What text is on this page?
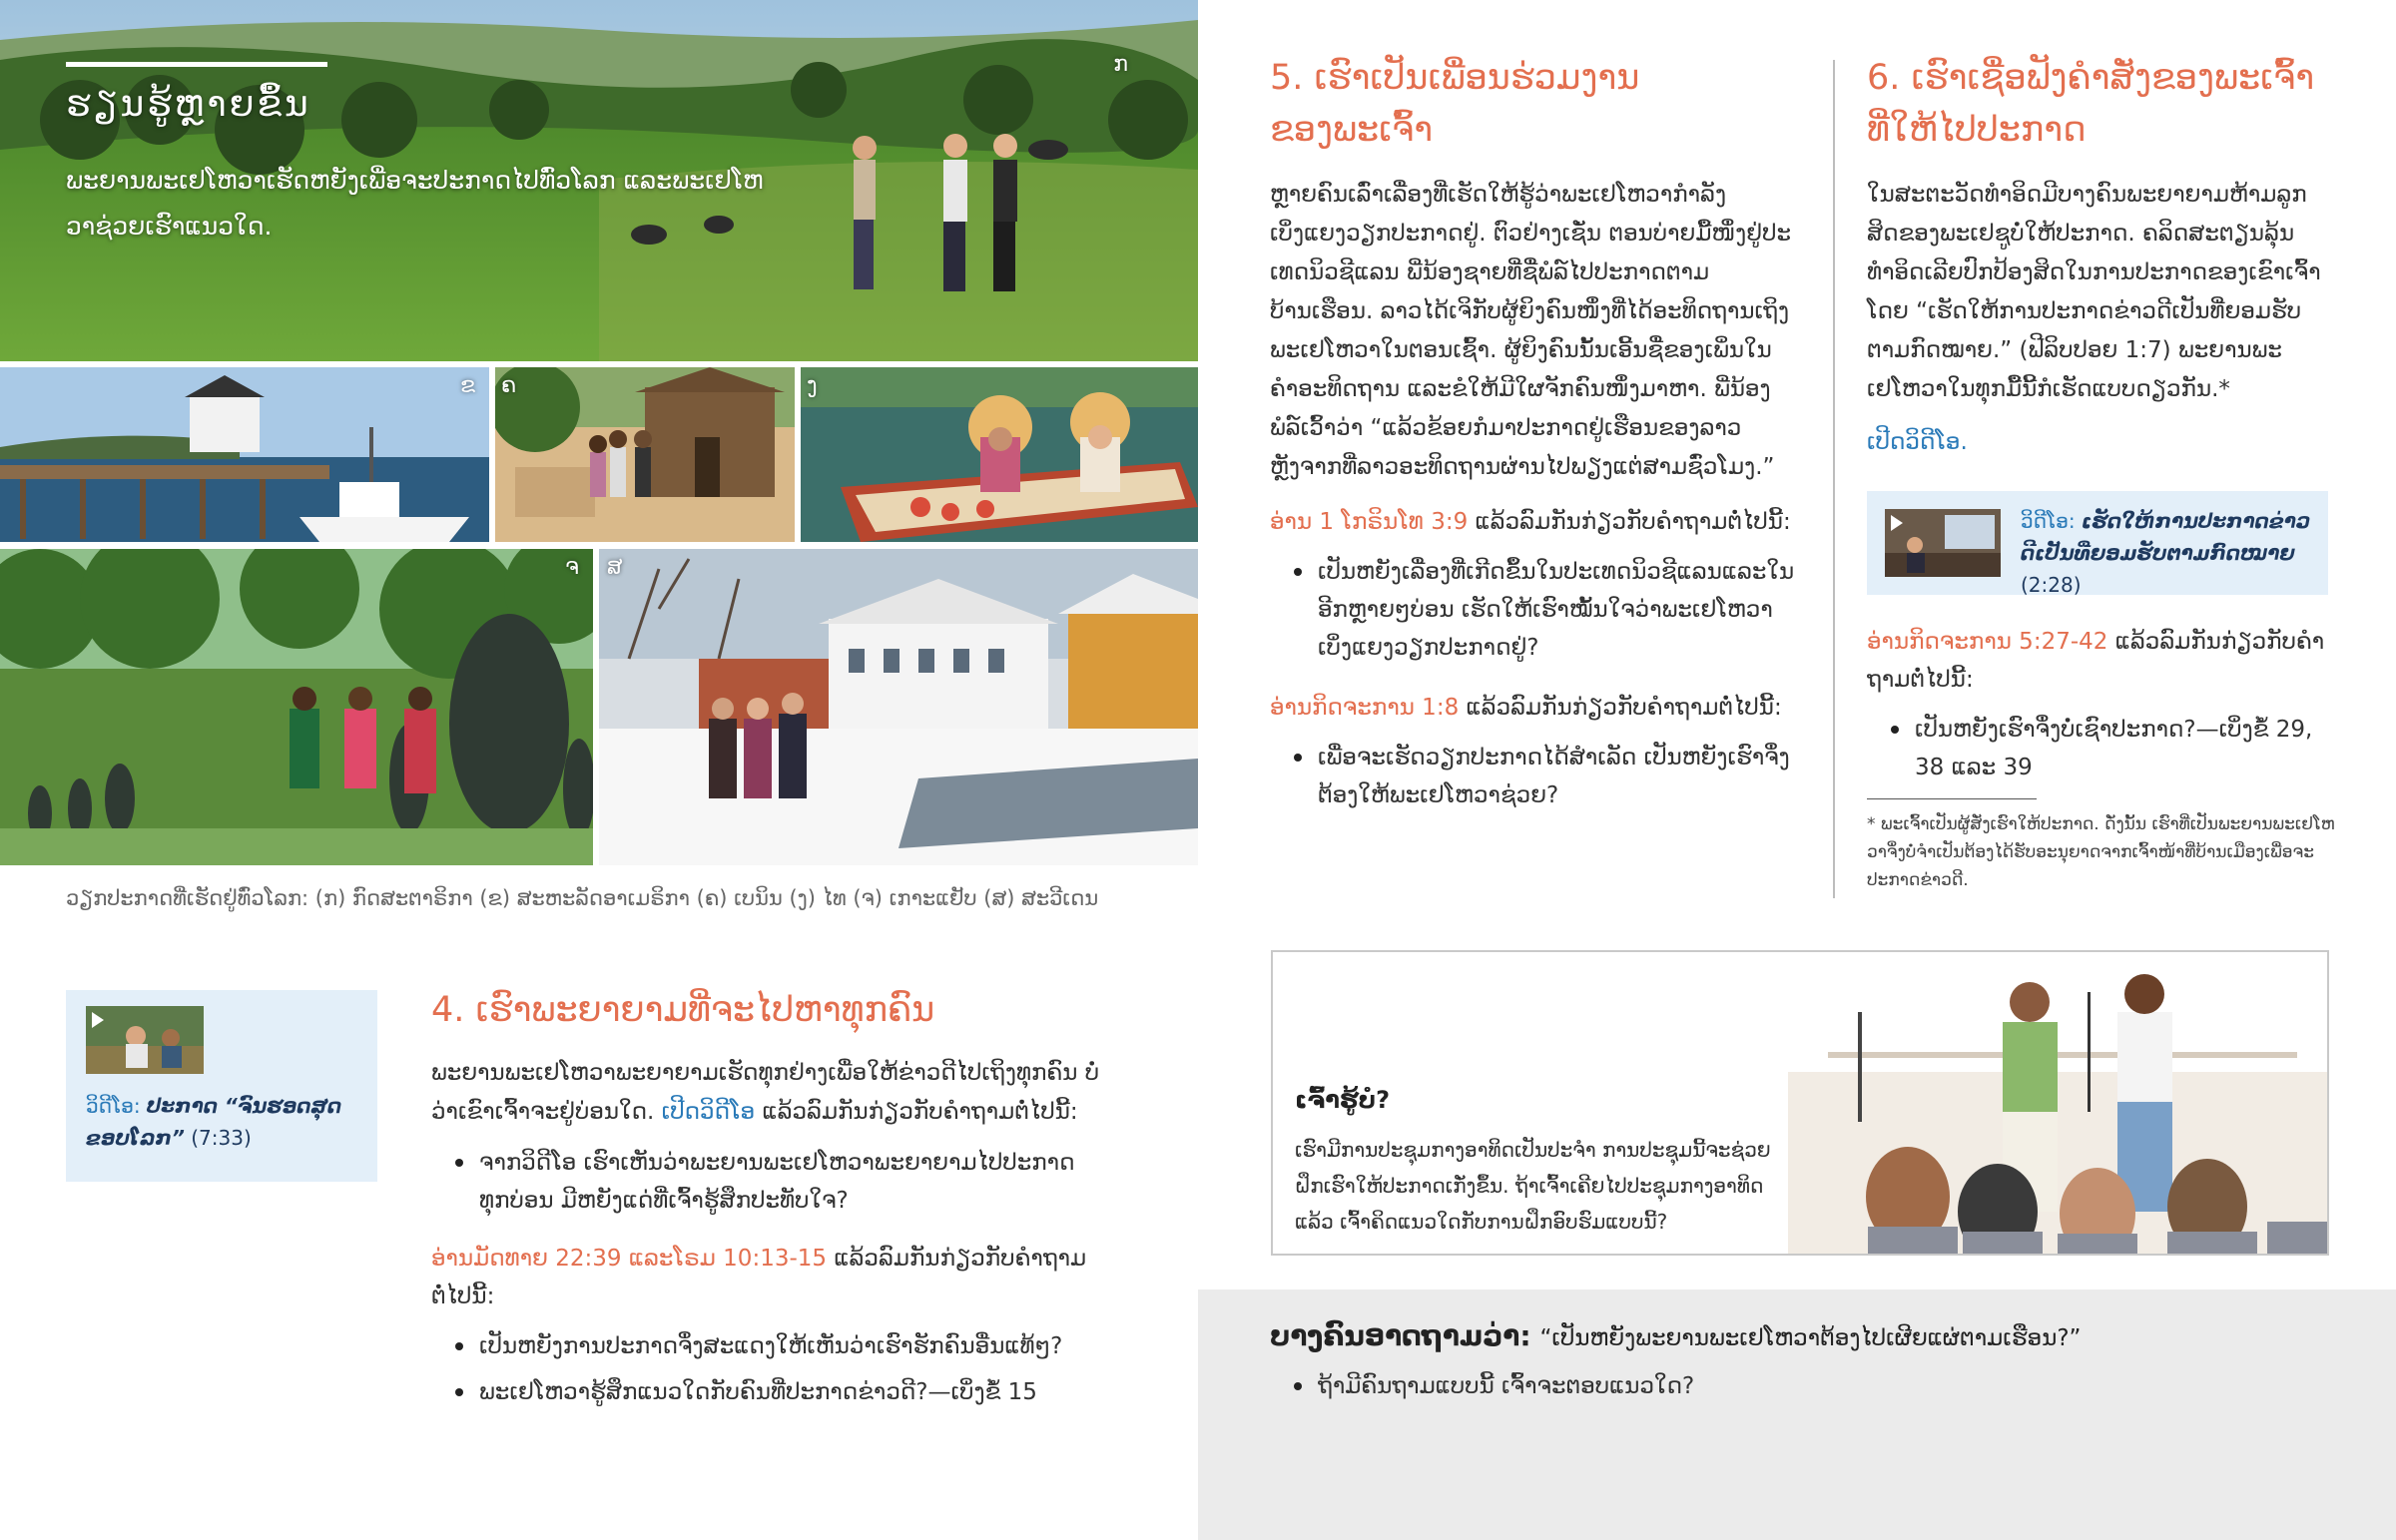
ກ
ຮຽນຮູ້ຫຼາຍຂຶ້ນ
ພະຍານພະເຢໂຫວາເຮັດຫຍັງເພື່ອຈະປະກາດໄປທົ່ວໂລກ ແລະພະເຢໂຫວາຊ່ວຍເຮົາແນວໃດ.
ຂ ຄ	ງ
ຈ ສ
ວຽກປະກາດທີ່ເຮັດຢູ່ທົ່ວໂລກ: (ກ) ກົດສະຕາຣິກາ (ຂ) ສະຫະລັດອາເມຣິກາ (ຄ) ເບນິນ (ງ) ໄທ (ຈ) ເກາະແຢັບ (ສ) ສະວີເດນ
ວິດີໂອ: ປະກາດ “ຈົນຮອດສຸດຂອບໂລກ” (7:33)
4. ເຮົາພະຍາຍາມທີ່ຈະໄປຫາທຸກຄົນ
ພະຍານພະເຢໂຫວາພະຍາຍາມເຮັດທຸກຢ່າງເພື່ອໃຫ້ຂ່າວດີໄປເຖິງທຸກຄົນ ບໍ່ວ່າເຂົາເຈົ້າຈະຢູ່ບ່ອນໃດ. ເປີດວິດີໂອ ແລ້ວລົມກັນກ່ຽວກັບຄຳຖາມຕໍ່ໄປນີ້:
ຈາກວິດີໂອ ເຮົາເຫັນວ່າພະຍານພະເຢໂຫວາພະຍາຍາມໄປປະກາດທຸກບ່ອນ ມີຫຍັງແດ່ທີ່ເຈົ້າຮູ້ສຶກປະທັບໃຈ?
ອ່ານມັດທາຍ 22:39 ແລະໂຣມ 10:13-15 ແລ້ວລົມກັນກ່ຽວກັບຄຳຖາມຕໍ່ໄປນີ້:
ເປັນຫຍັງການປະກາດຈຶ່ງສະແດງໃຫ້ເຫັນວ່າເຮົາຮັກຄົນອື່ນແທ້ໆ?
ພະເຢໂຫວາຮູ້ສຶກແນວໃດກັບຄົນທີ່ປະກາດຂ່າວດີ?—ເບິ່ງຂໍ້ 15
5. ເຮົາເປັນເພື່ອນຮ່ວມງານຂອງພະເຈົ້າ
ຫຼາຍຄົນເລົ່າເລື່ອງທີ່ເຮັດໃຫ້ຮູ້ວ່າພະເຢໂຫວາກຳລັງເບິ່ງແຍງວຽກປະກາດຢູ່. ຕົວຢ່າງເຊັ່ນ ຕອນບ່າຍມື້ໜຶ່ງຢູ່ປະເທດນິວຊີແລນ ພີ່ນ້ອງຊາຍທີ່ຊື່ພໍລ໌ໄປປະກາດຕາມບ້ານເຮືອນ. ລາວໄດ້ເຈິກັບຜູ້ຍິງຄົນໜຶ່ງທີ່ໄດ້ອະທິດຖານເຖິງພະເຢໂຫວາໃນຕອນເຊົ້າ. ຜູ້ຍິງຄົນນັ້ນເອີ້ນຊື່ຂອງເພິ່ນໃນຄຳອະທິດຖານ ແລະຂໍໃຫ້ມີໃຜຈັກຄົນໜຶ່ງມາຫາ. ພີ່ນ້ອງພໍລ໌ເວົ້າວ່າ “ແລ້ວຂ້ອຍກໍມາປະກາດຢູ່ເຮືອນຂອງລາວຫຼັງຈາກທີ່ລາວອະທິດຖານຜ່ານໄປພຽງແຕ່ສາມຊົ່ວໂມງ.”
ອ່ານ 1 ໂກຣິນໂທ 3:9 ແລ້ວລົມກັນກ່ຽວກັບຄຳຖາມຕໍ່ໄປນີ້:
ເປັນຫຍັງເລື່ອງທີ່ເກີດຂຶ້ນໃນປະເທດນິວຊີແລນແລະໃນອີກຫຼາຍໆບ່ອນ ເຮັດໃຫ້ເຮົາໝັ້ນໃຈວ່າພະເຢໂຫວາເບິ່ງແຍງວຽກປະກາດຢູ່?
ອ່ານກິດຈະການ 1:8 ແລ້ວລົມກັນກ່ຽວກັບຄຳຖາມຕໍ່ໄປນີ້:
ເພື່ອຈະເຮັດວຽກປະກາດໄດ້ສຳເລັດ ເປັນຫຍັງເຮົາຈຶ່ງຕ້ອງໃຫ້ພະເຢໂຫວາຊ່ວຍ?
6. ເຮົາເຊື່ອຟັງຄຳສັ່ງຂອງພະເຈົ້າທີ່ໃຫ້ໄປປະກາດ
ໃນສະຕະວັດທຳອິດມີບາງຄົນພະຍາຍາມຫ້າມລູກສິດຂອງພະເຢຊູບໍ່ໃຫ້ປະກາດ. ຄລິດສະຕຽນລຸ້ນທຳອິດເລີຍປົກປ້ອງສິດໃນການປະກາດຂອງເຂົາເຈົ້າໂດຍ “ເຮັດໃຫ້ການປະກາດຂ່າວດີເປັນທີ່ຍອມຮັບຕາມກົດໝາຍ.” (ຟີລິບປອຍ 1:7) ພະຍານພະເຢໂຫວາໃນທຸກມື້ນີ້ກໍເຮັດແບບດຽວກັນ.*
ເປີດວິດີໂອ.
ວິດີໂອ: ເຮັດໃຫ້ການປະກາດຂ່າວດີເປັນທີ່ຍອມຮັບຕາມກົດໝາຍ (2:28)
ອ່ານກິດຈະການ 5:27-42 ແລ້ວລົມກັນກ່ຽວກັບຄຳຖາມຕໍ່ໄປນີ້:
ເປັນຫຍັງເຮົາຈຶ່ງບໍ່ເຊົາປະກາດ?—ເບິ່ງຂໍ້ 29, 38 ແລະ 39
* ພະເຈົ້າເປັນຜູ້ສັ່ງເຮົາໃຫ້ປະກາດ. ດັ່ງນັ້ນ ເຮົາທີ່ເປັນພະຍານພະເຢໂຫວາຈຶ່ງບໍ່ຈຳເປັນຕ້ອງໄດ້ຮັບອະນຸຍາດຈາກເຈົ້າໜ້າທີ່ບ້ານເມືອງເພື່ອຈະປະກາດຂ່າວດີ.
ເຈົ້າຮູ້ບໍ?
ເຮົາມີການປະຊຸມກາງອາທິດເປັນປະຈຳ ການປະຊຸມນີ້ຈະຊ່ວຍຝຶກເຮົາໃຫ້ປະກາດເກັ່ງຂຶ້ນ. ຖ້າເຈົ້າເຄີຍໄປປະຊຸມກາງອາທິດແລ້ວ ເຈົ້າຄິດແນວໃດກັບການຝຶກອົບຮົມແບບນີ້?
ບາງຄົນອາດຖາມວ່າ: “ເປັນຫຍັງພະຍານພະເຢໂຫວາຕ້ອງໄປເຜີຍແຜ່ຕາມເຮືອນ?”
ຖ້າມີຄົນຖາມແບບນີ້ ເຈົ້າຈະຕອບແນວໃດ?
